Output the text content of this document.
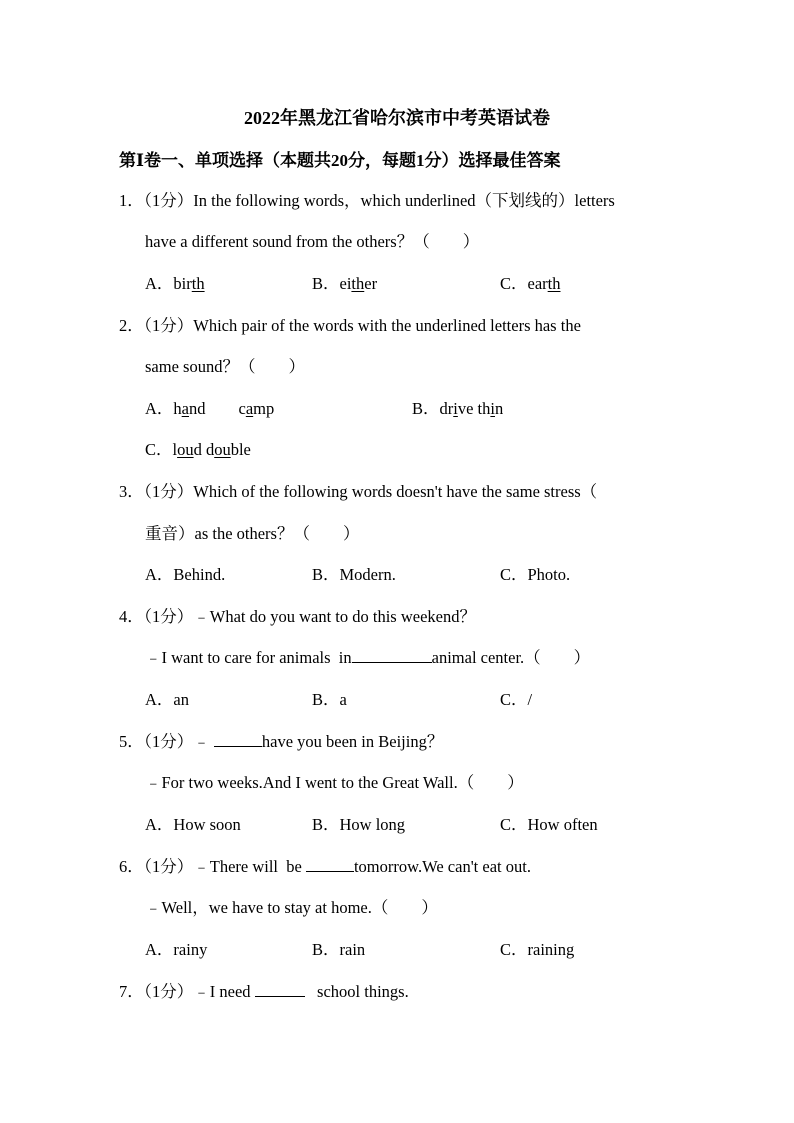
2022年黑龙江省哈尔滨市中考英语试卷
第Ⅰ卷一、单项选择（本题共20分，每题1分）选择最佳答案
1．（1分）In the following words，which underlined（下划线的）letters
have a different sound from the others？（　　）
A．birth	B．either	C．earth
2．（1分）Which pair of the words with the underlined letters has the
same sound？（　　）
A．hand　　camp	B．drive thin
C．loud double
3．（1分）Which of the following words doesn't have the same stress（
重音）as the others？（　　）
A．Behind.	B．Modern.	C．Photo.
4．（1分）﹣What do you want to do this weekend？
﹣I want to care for animals  in	animal center.（　　）
A．an	B．a	C．/
5．（1分）﹣	have you been in Beijing？
﹣For two weeks.And I went to the Great Wall.（　　）
A．How soon	B．How long	C．How often
6．（1分）﹣There will  be	tomorrow.We can't eat out.
﹣Well，we have to stay at home.（　　）
A．rainy	B．rain	C．raining
7．（1分）﹣I need	school things.
